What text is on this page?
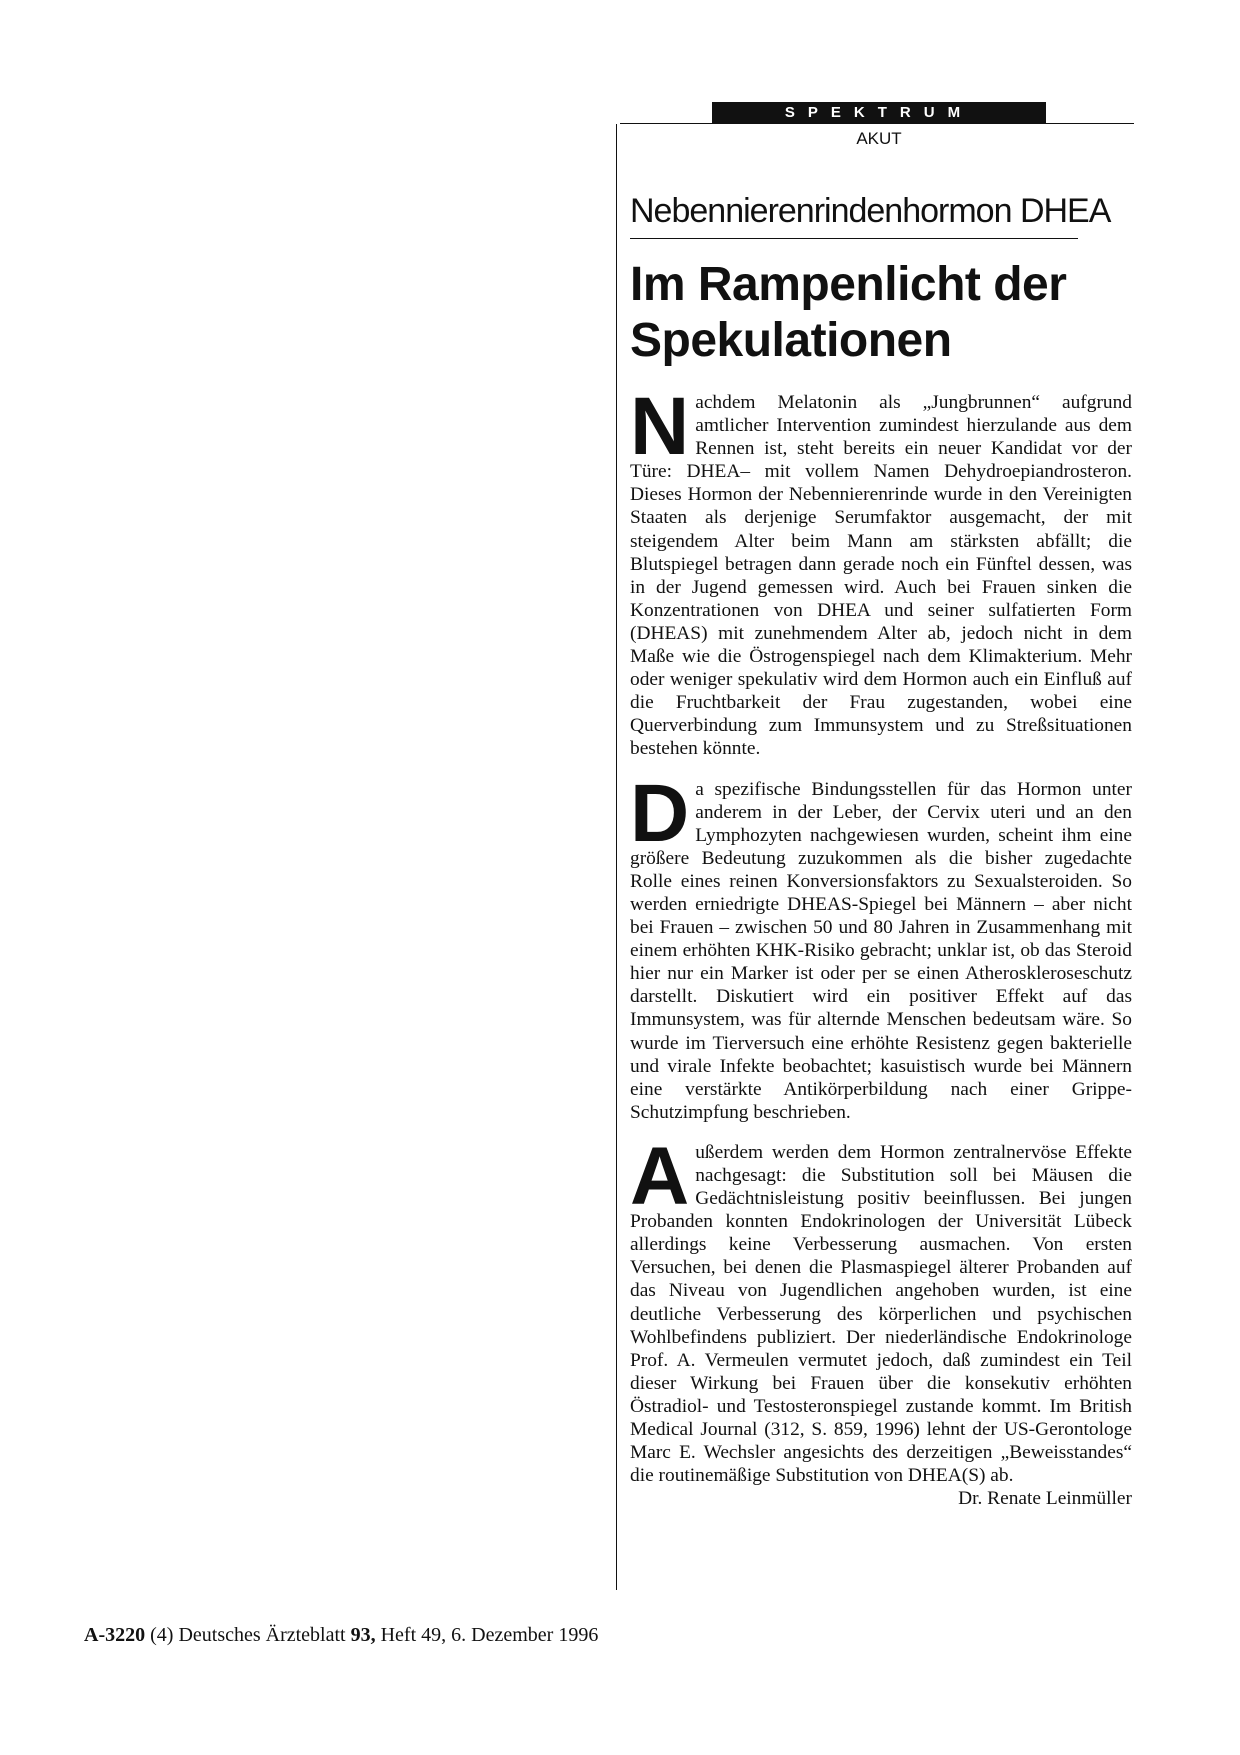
SPEKTRUM
AKUT
Nebennierenrindenhormon DHEA
Im Rampenlicht der
Spekulationen

N achdem Melatonin als „Jungbrunnen“ aufgrund amtlicher Intervention zumindest hierzulande aus dem Rennen ist, steht bereits ein neuer Kandidat vor der Türe: DHEA– mit vollem Namen Dehydroepiandrosteron. Dieses Hormon der Nebennierenrinde wurde in den Vereinigten Staaten als derjenige Serumfaktor ausgemacht, der mit steigendem Alter beim Mann am stärksten abfällt; die Blutspiegel betragen dann gerade noch ein Fünftel dessen, was in der Jugend gemessen wird. Auch bei Frauen sinken die Konzentrationen von DHEA und seiner sulfatierten Form (DHEAS) mit zunehmendem Alter ab, jedoch nicht in dem Maße wie die Östrogenspiegel nach dem Klimakterium. Mehr oder weniger spekulativ wird dem Hormon auch ein Einfluß auf die Fruchtbarkeit der Frau zugestanden, wobei eine Querverbindung zum Immunsystem und zu Streßsituationen bestehen könnte.

D a spezifische Bindungsstellen für das Hormon unter anderem in der Leber, der Cervix uteri und an den Lymphozyten nachgewiesen wurden, scheint ihm eine größere Bedeutung zuzukommen als die bisher zugedachte Rolle eines reinen Konversionsfaktors zu Sexualsteroiden. So werden erniedrigte DHEAS-Spiegel bei Männern – aber nicht bei Frauen – zwischen 50 und 80 Jahren in Zusammenhang mit einem erhöhten KHK-Risiko gebracht; unklar ist, ob das Steroid hier nur ein Marker ist oder per se einen Atheroskleroseschutz darstellt. Diskutiert wird ein positiver Effekt auf das Immunsystem, was für alternde Menschen bedeutsam wäre. So wurde im Tierversuch eine erhöhte Resistenz gegen bakterielle und virale Infekte beobachtet; kasuistisch wurde bei Männern eine verstärkte Antikörperbildung nach einer Grippe-Schutzimpfung beschrieben.

A ußerdem werden dem Hormon zentralnervöse Effekte nachgesagt: die Substitution soll bei Mäusen die Gedächtnisleistung positiv beeinflussen. Bei jungen Probanden konnten Endokrinologen der Universität Lübeck allerdings keine Verbesserung ausmachen. Von ersten Versuchen, bei denen die Plasmaspiegel älterer Probanden auf das Niveau von Jugendlichen angehoben wurden, ist eine deutliche Verbesserung des körperlichen und psychischen Wohlbefindens publiziert. Der niederländische Endokrinologe Prof. A. Vermeulen vermutet jedoch, daß zumindest ein Teil dieser Wirkung bei Frauen über die konsekutiv erhöhten Östradiol- und Testosteronspiegel zustande kommt. Im British Medical Journal (312, S. 859, 1996) lehnt der US-Gerontologe Marc E. Wechsler angesichts des derzeitigen „Beweisstandes“ die routinemäßige Substitution von DHEA(S) ab.
Dr. Renate Leinmüller

A-3220 (4) Deutsches Ärzteblatt 93, Heft 49, 6. Dezember 1996
